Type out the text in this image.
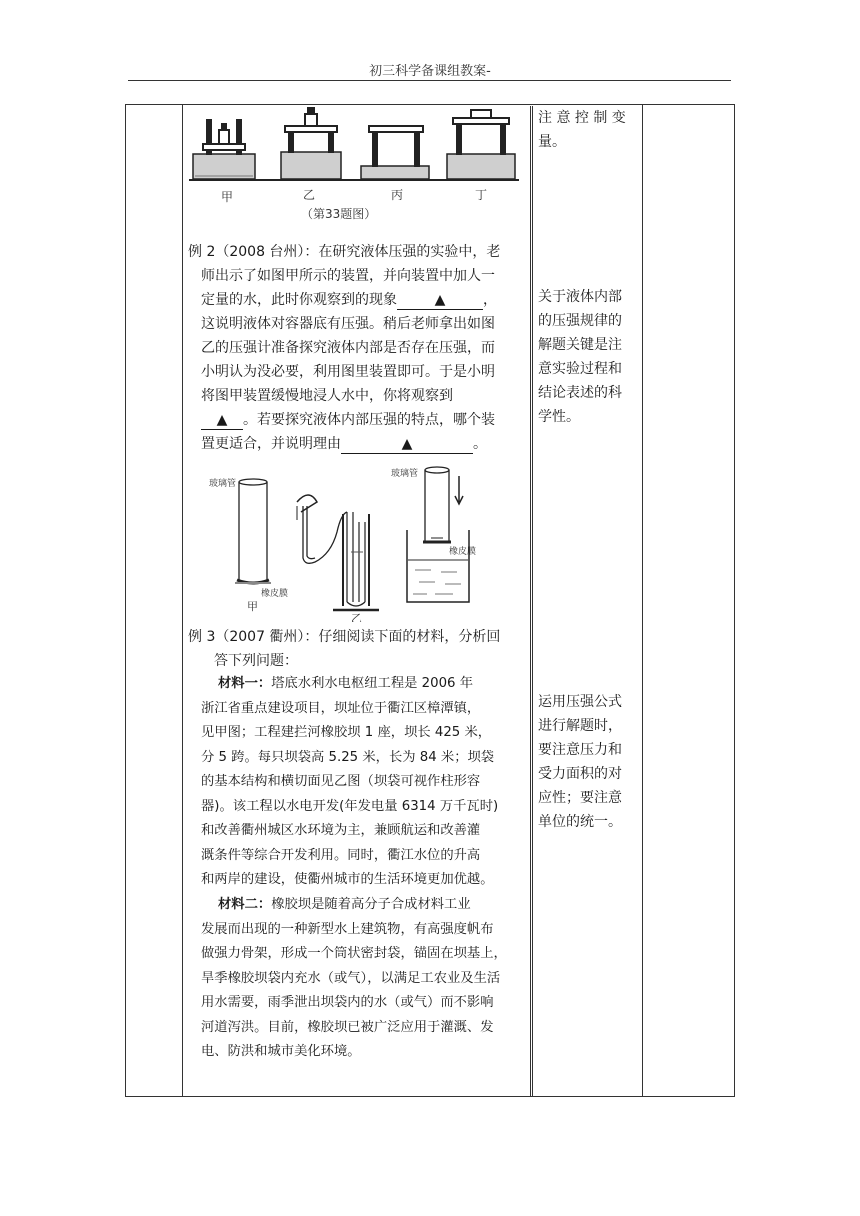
初三科学备课组教案-
甲	乙	丙	丁
（第33题图）

例 2（2008 台州）：在研究液体压强的实验中，老

师出示了如图甲所示的装置，并向装置中加人一

定量的水，此时你观察到的现象	▲	，

这说明液体对容器底有压强。稍后老师拿出如图

乙的压强计准备探究液体内部是否存在压强，而

小明认为没必要，利用图里装置即可。于是小明

将图甲装置缓慢地浸人水中，你将观察到

▲ 。若要探究液体内部压强的特点，哪个装

置更适合，并说明理由	▲	。

玻璃管
橡皮膜
甲
乙
玻璃管
橡皮膜

例 3（2007 衢州）：仔细阅读下面的材料，分析回

答下列问题：

材料一：塔底水利水电枢纽工程是 2006 年

浙江省重点建设项目，坝址位于衢江区樟潭镇，

见甲图；工程建拦河橡胶坝 1 座，坝长 425 米，

分 5 跨。每只坝袋高 5.25 米，长为 84 米；坝袋

的基本结构和横切面见乙图（坝袋可视作柱形容

器)。该工程以水电开发(年发电量 6314 万千瓦时)

和改善衢州城区水环境为主，兼顾航运和改善灌

溉条件等综合开发利用。同时，衢江水位的升高

和两岸的建设，使衢州城市的生活环境更加优越。

材料二：橡胶坝是随着高分子合成材料工业

发展而出现的一种新型水上建筑物，有高强度帆布

做强力骨架，形成一个筒状密封袋，锚固在坝基上，

旱季橡胶坝袋内充水（或气），以满足工农业及生活

用水需要，雨季泄出坝袋内的水（或气）而不影响

河道泻洪。目前，橡胶坝已被广泛应用于灌溉、发

电、防洪和城市美化环境。

注 意 控 制 变

量。

关于液体内部

的压强规律的

解题关键是注

意实验过程和

结论表述的科

学性。

运用压强公式

进行解题时，

要注意压力和

受力面积的对

应性；要注意

单位的统一。
